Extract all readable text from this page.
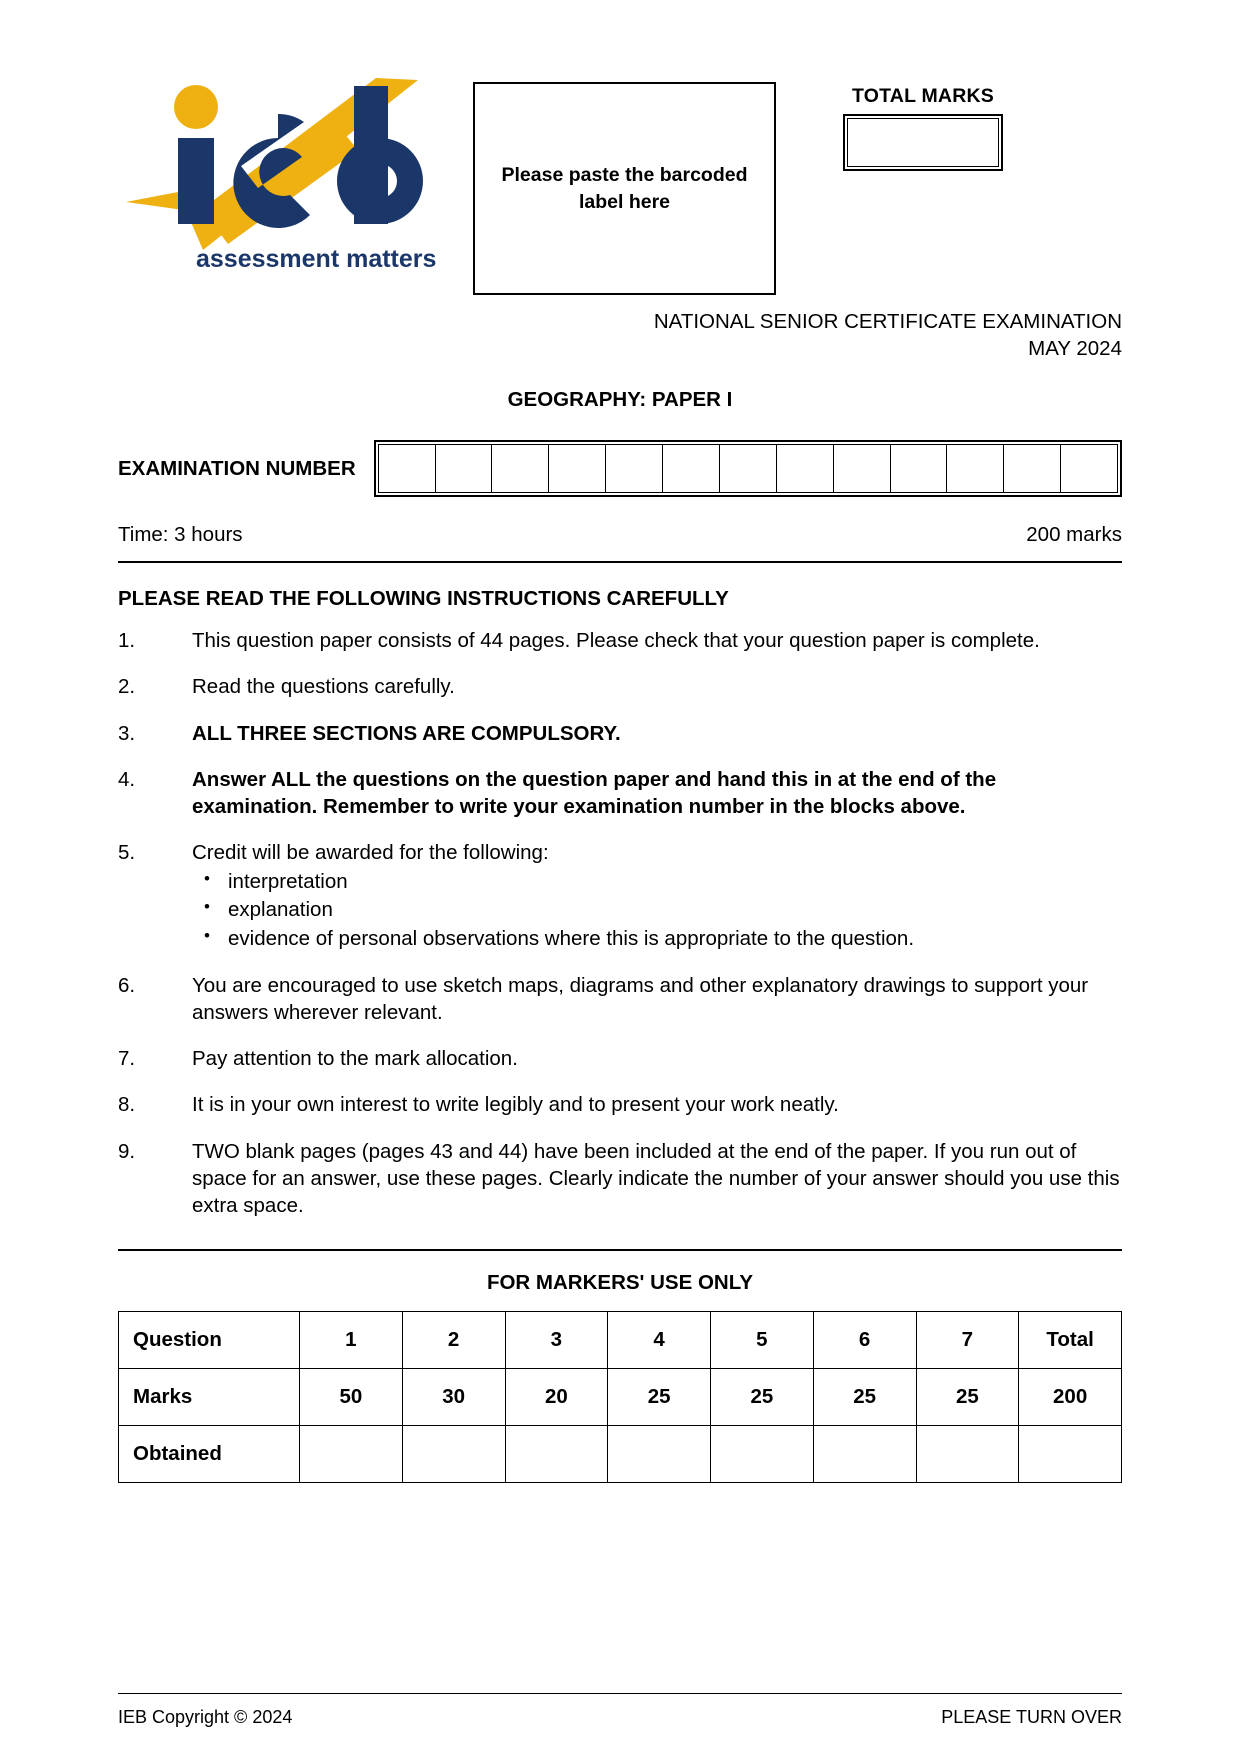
assessment matters
Please paste the barcoded label here
TOTAL MARKS
NATIONAL SENIOR CERTIFICATE EXAMINATION
MAY 2024
GEOGRAPHY: PAPER I
EXAMINATION NUMBER
Time: 3 hours	200 marks
PLEASE READ THE FOLLOWING INSTRUCTIONS CAREFULLY
1.	This question paper consists of 44 pages. Please check that your question paper is complete.
2.	Read the questions carefully.
3.	ALL THREE SECTIONS ARE COMPULSORY.
4.	Answer ALL the questions on the question paper and hand this in at the end of the examination. Remember to write your examination number in the blocks above.
5.	Credit will be awarded for the following:
• interpretation
• explanation
• evidence of personal observations where this is appropriate to the question.
6.	You are encouraged to use sketch maps, diagrams and other explanatory drawings to support your answers wherever relevant.
7.	Pay attention to the mark allocation.
8.	It is in your own interest to write legibly and to present your work neatly.
9.	TWO blank pages (pages 43 and 44) have been included at the end of the paper. If you run out of space for an answer, use these pages. Clearly indicate the number of your answer should you use this extra space.
FOR MARKERS' USE ONLY
Question	1	2	3	4	5	6	7	Total
Marks	50	30	20	25	25	25	25	200
Obtained								
IEB Copyright © 2024	PLEASE TURN OVER
